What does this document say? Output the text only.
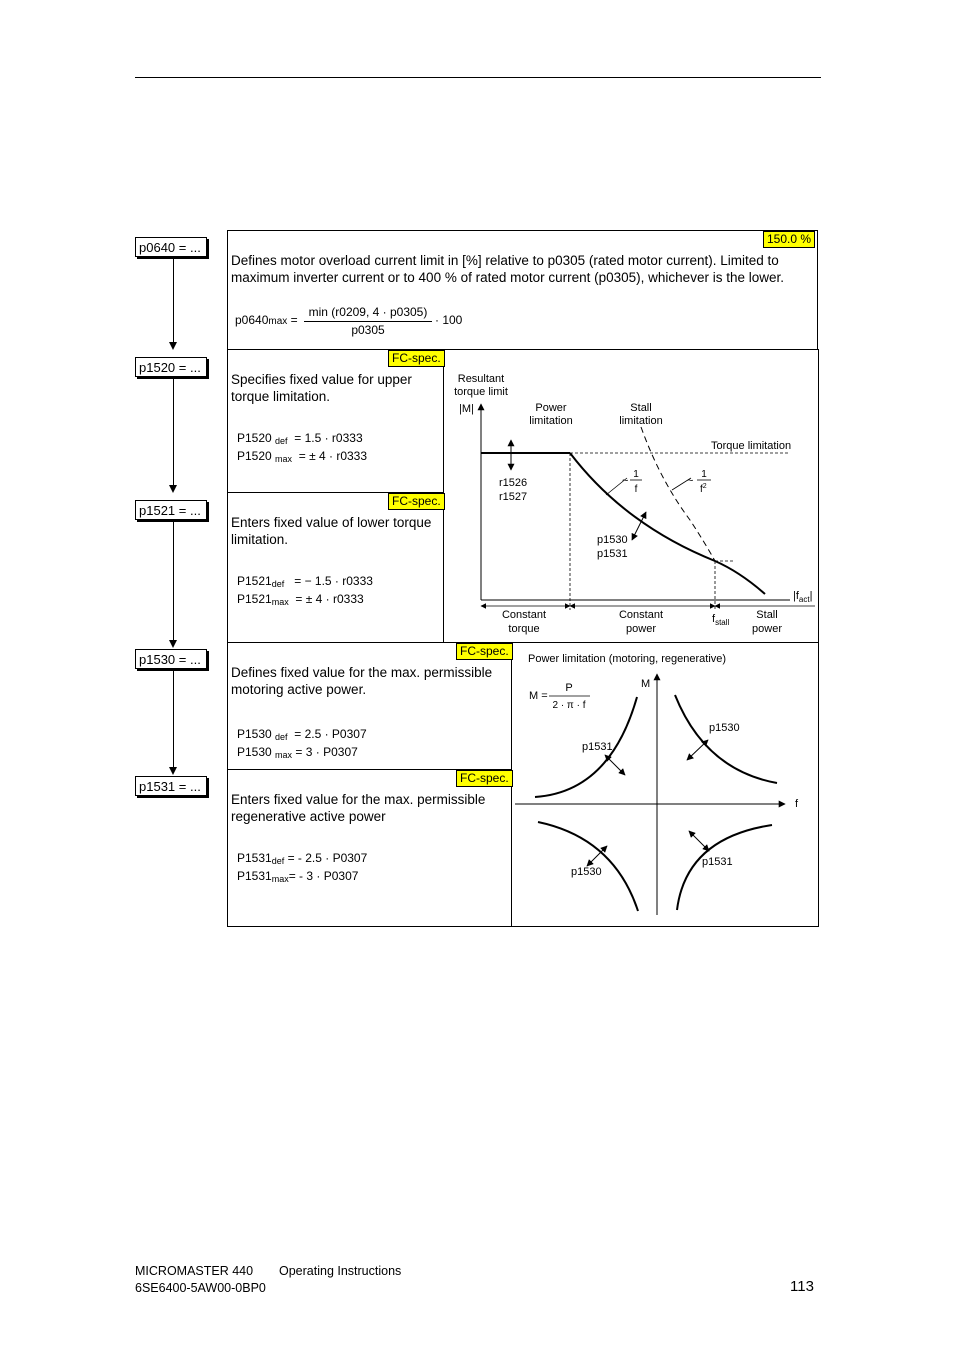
p0640 = ...
p1520 = ...
p1521 = ...
p1530 = ...
p1531 = ...
150.0 %
Defines motor overload current limit in [%] relative to p0305 (rated motor current). Limited to maximum inverter current or to 400 % of rated motor current (p0305), whichever is the lower.
p0640max =
min (r0209, 4 · p0305)
p0305
· 100
FC-spec.
Specifies fixed value for upper torque limitation.
P1520 $_{def}$ = 1.5 · r0333
P1520 $_{max}$ = ± 4 · r0333
FC-spec.
Enters fixed value of lower torque limitation.
$P1521_{def}$ = − 1.5 · r0333
$P1521_{max}$ = ± 4 · r0333
Resultant
torque limit
|M|
$|f_{act}|$
Power
limitation
Stall
limitation
Torque limitation
r1526
r1527
~
1
f
~
1
$f^2$
p1530
p1531
Constant
torque
Constant
power
$f_{stall}$
Stall
power
FC-spec.
Defines fixed value for the max. permissible motoring active power.
P1530 $_{def}$ = 2.5 · P0307
P1530 $_{max}$ = 3 · P0307
FC-spec.
Enters fixed value for the max. permissible regenerative active power
$P1531_{def}$ = - 2.5 · P0307
$P1531_{max}= - 3 \cdot P0307$
Power limitation (motoring, regenerative)
M =
P
2 · π · f
M
f
p1530
p1531
p1530
p1531
MICROMASTER 440 Operating Instructions
6SE6400-5AW00-0BP0	113
